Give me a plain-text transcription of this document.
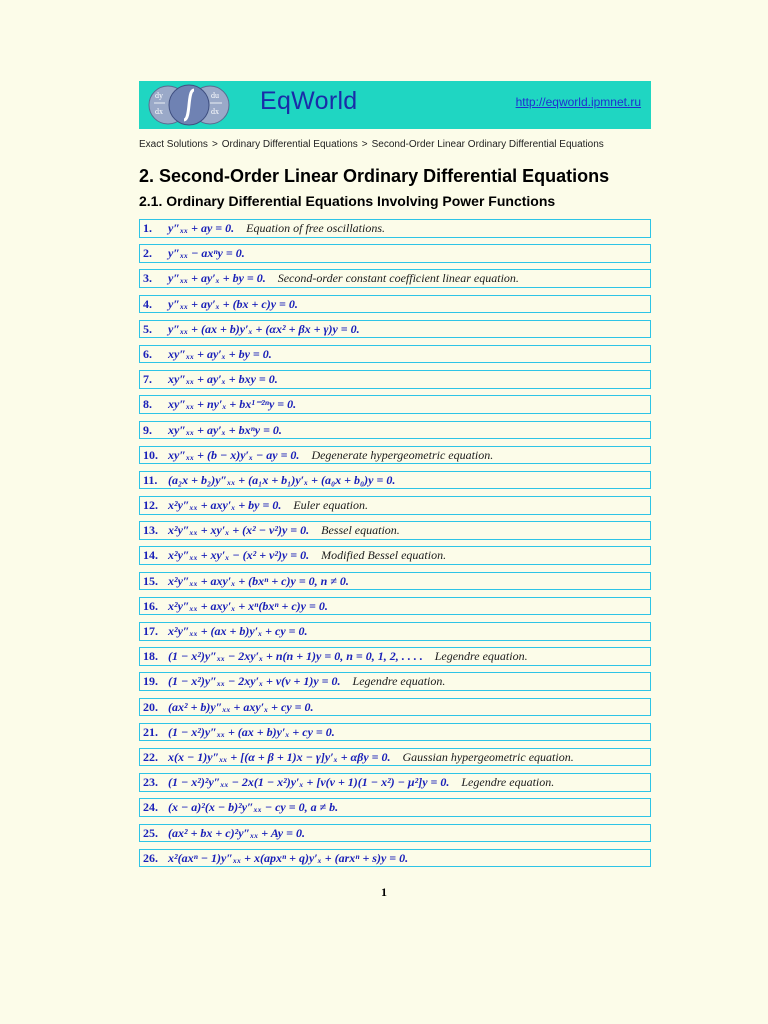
dy
dx
du
dx EqWorld	http://eqworld.ipmnet.ru
Exact Solutions > Ordinary Differential Equations > Second-Order Linear Ordinary Differential Equations
2. Second-Order Linear Ordinary Differential Equations
2.1. Ordinary Differential Equations Involving Power Functions
1. y″ₓₓ + ay = 0. Equation of free oscillations.
2. y″ₓₓ − axⁿy = 0.
3. y″ₓₓ + ay′ₓ + by = 0. Second-order constant coefficient linear equation.
4. y″ₓₓ + ay′ₓ + (bx + c)y = 0.
5. y″ₓₓ + (ax + b)y′ₓ + (αx² + βx + γ)y = 0.
6. xy″ₓₓ + ay′ₓ + by = 0.
7. xy″ₓₓ + ay′ₓ + bxy = 0.
8. xy″ₓₓ + ny′ₓ + bx¹⁻²ⁿy = 0.
9. xy″ₓₓ + ay′ₓ + bxⁿy = 0.
10. xy″ₓₓ + (b − x)y′ₓ − ay = 0. Degenerate hypergeometric equation.
11. (a₂x + b₂)y″ₓₓ + (a₁x + b₁)y′ₓ + (a₀x + b₀)y = 0.
12. x²y″ₓₓ + axy′ₓ + by = 0. Euler equation.
13. x²y″ₓₓ + xy′ₓ + (x² − ν²)y = 0. Bessel equation.
14. x²y″ₓₓ + xy′ₓ − (x² + ν²)y = 0. Modified Bessel equation.
15. x²y″ₓₓ + axy′ₓ + (bxⁿ + c)y = 0, n ≠ 0.
16. x²y″ₓₓ + axy′ₓ + xⁿ(bxⁿ + c)y = 0.
17. x²y″ₓₓ + (ax + b)y′ₓ + cy = 0.
18. (1 − x²)y″ₓₓ − 2xy′ₓ + n(n + 1)y = 0, n = 0, 1, 2, . . . . Legendre equation.
19. (1 − x²)y″ₓₓ − 2xy′ₓ + ν(ν + 1)y = 0. Legendre equation.
20. (ax² + b)y″ₓₓ + axy′ₓ + cy = 0.
21. (1 − x²)y″ₓₓ + (ax + b)y′ₓ + cy = 0.
22. x(x − 1)y″ₓₓ + [(α + β + 1)x − γ]y′ₓ + αβy = 0. Gaussian hypergeometric equation.
23. (1 − x²)²y″ₓₓ − 2x(1 − x²)y′ₓ + [ν(ν + 1)(1 − x²) − μ²]y = 0. Legendre equation.
24. (x − a)²(x − b)²y″ₓₓ − cy = 0, a ≠ b.
25. (ax² + bx + c)²y″ₓₓ + Ay = 0.
26. x²(axⁿ − 1)y″ₓₓ + x(apxⁿ + q)y′ₓ + (arxⁿ + s)y = 0.
1
